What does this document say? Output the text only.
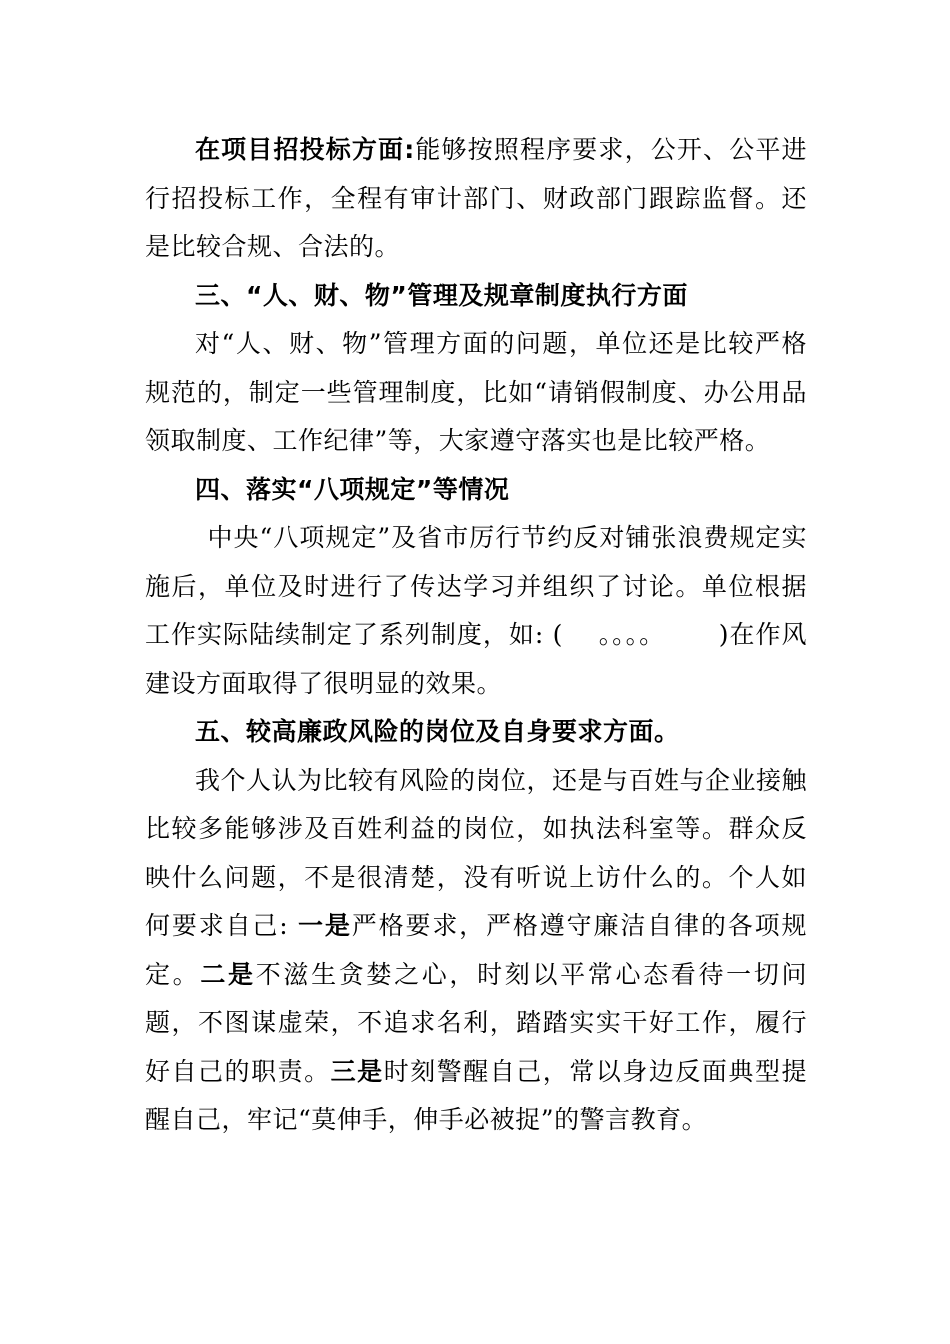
在项目招投标方面:能够按照程序要求，公开、公平进行招投标工作，全程有审计部门、财政部门跟踪监督。还是比较合规、合法的。

三、“人、财、物”管理及规章制度执行方面

对“人、财、物”管理方面的问题，单位还是比较严格规范的，制定一些管理制度，比如“请销假制度、办公用品领取制度、工作纪律”等，大家遵守落实也是比较严格。

四、落实“八项规定”等情况

中央“八项规定”及省市厉行节约反对铺张浪费规定实施后，单位及时进行了传达学习并组织了讨论。单位根据工作实际陆续制定了系列制度，如: ( 。。。。 )在作风建设方面取得了很明显的效果。

五、较高廉政风险的岗位及自身要求方面。

我个人认为比较有风险的岗位，还是与百姓与企业接触比较多能够涉及百姓利益的岗位，如执法科室等。群众反映什么问题，不是很清楚，没有听说上访什么的。个人如何要求自己: 一是严格要求，严格遵守廉洁自律的各项规定。二是不滋生贪婪之心，时刻以平常心态看待一切问题，不图谋虚荣，不追求名利，踏踏实实干好工作，履行好自己的职责。三是时刻警醒自己，常以身边反面典型提醒自己，牢记“莫伸手，伸手必被捉”的警言教育。
